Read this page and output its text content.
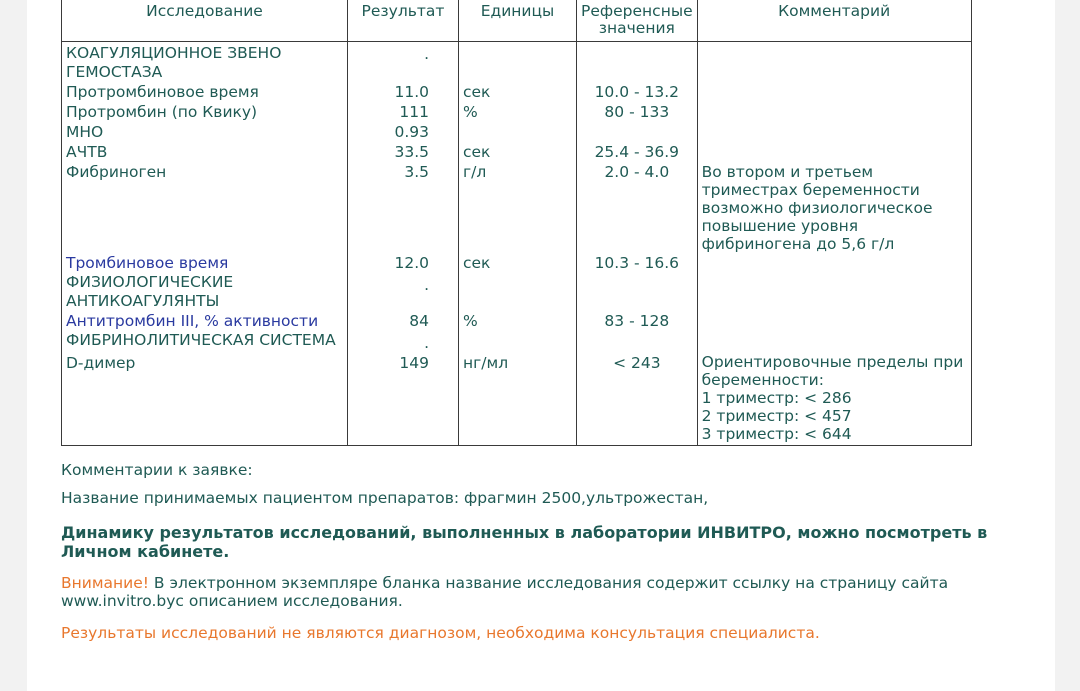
Исследование	Результат	Единицы	Референсные
значения	Комментарий

КОАГУЛЯЦИОННОЕ ЗВЕНО ГЕМОСТАЗА	.			
Протромбиновое время	11.0	сек	10.0 - 13.2	
Протромбин (по Квику)	111	%	80 - 133	
МНО	0.93			
АЧТВ	33.5	сек	25.4 - 36.9	
Фибриноген	3.5	г/л	2.0 - 4.0	Во втором и третьем триместрах беременности возможно физиологическое повышение уровня фибриногена до 5,6 г/л
Тромбиновое время	12.0	сек	10.3 - 16.6	

ФИЗИОЛОГИЧЕСКИЕ АНТИКОАГУЛЯНТЫ	.			
Антитромбин III, % активности	84	%	83 - 128	

ФИБРИНОЛИТИЧЕСКАЯ СИСТЕМА	.			
D-димер	149	нг/мл	< 243	Ориентировочные пределы при беременности:
1 триместр: < 286
2 триместр: < 457
3 триместр: < 644
Комментарии к заявке:
Название принимаемых пациентом препаратов: фрагмин 2500,ультрожестан,
Динамику результатов исследований, выполненных в лаборатории ИНВИТРО, можно посмотреть в Личном кабинете.
Внимание! В электронном экземпляре бланка название исследования содержит ссылку на страницу сайта
www.invitro.byс описанием исследования.
Результаты исследований не являются диагнозом, необходима консультация специалиста.
